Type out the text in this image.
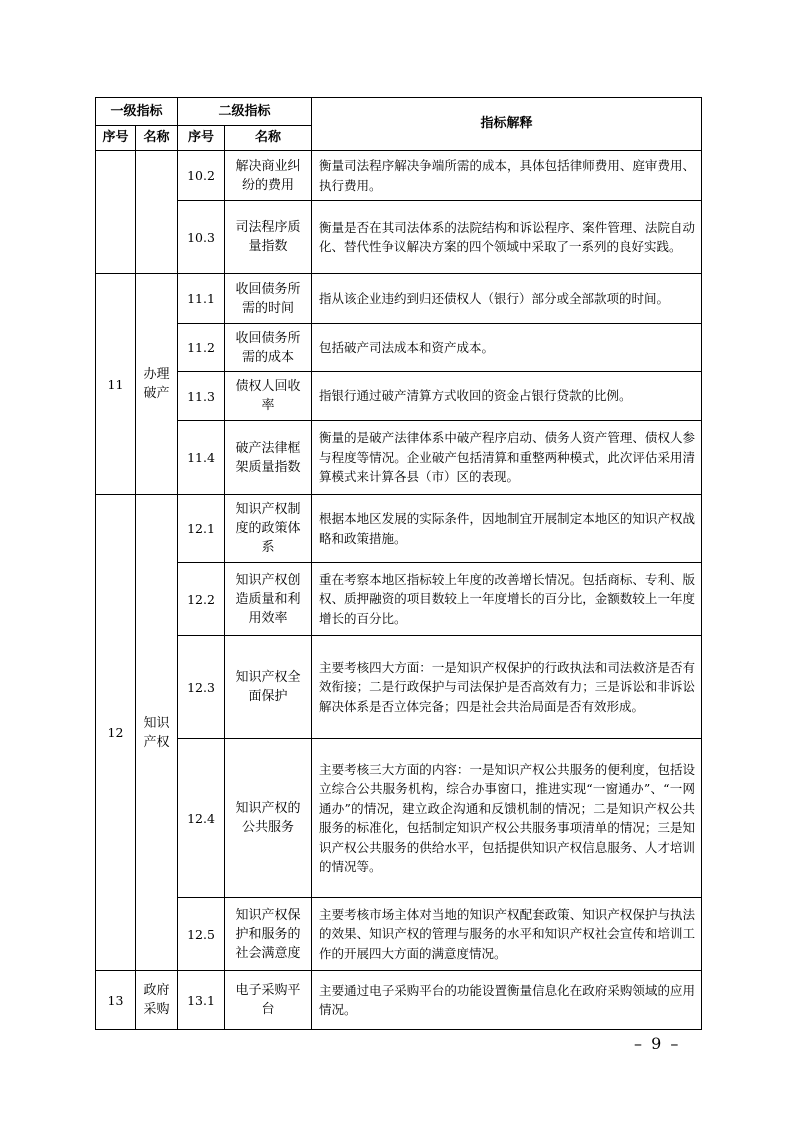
一级指标		二级指标		指标解释
序号	名称	序号	名称	
		10.2	解决商业纠纷的费用	衡量司法程序解决争端所需的成本，具体包括律师费用、庭审费用、执行费用。
		10.3	司法程序质量指数	衡量是否在其司法体系的法院结构和诉讼程序、案件管理、法院自动化、替代性争议解决方案的四个领域中采取了一系列的良好实践。
11	办理破产	11.1	收回债务所需的时间	指从该企业违约到归还债权人（银行）部分或全部款项的时间。
		11.2	收回债务所需的成本	包括破产司法成本和资产成本。
		11.3	债权人回收率	指银行通过破产清算方式收回的资金占银行贷款的比例。
		11.4	破产法律框架质量指数	衡量的是破产法律体系中破产程序启动、债务人资产管理、债权人参与程度等情况。企业破产包括清算和重整两种模式，此次评估采用清算模式来计算各县（市）区的表现。
12	知识产权	12.1	知识产权制度的政策体系	根据本地区发展的实际条件，因地制宜开展制定本地区的知识产权战略和政策措施。
		12.2	知识产权创造质量和利用效率	重在考察本地区指标较上年度的改善增长情况。包括商标、专利、版权、质押融资的项目数较上一年度增长的百分比，金额数较上一年度增长的百分比。
		12.3	知识产权全面保护	主要考核四大方面：一是知识产权保护的行政执法和司法救济是否有效衔接；二是行政保护与司法保护是否高效有力；三是诉讼和非诉讼解决体系是否立体完备；四是社会共治局面是否有效形成。
		12.4	知识产权的公共服务	主要考核三大方面的内容：一是知识产权公共服务的便利度，包括设立综合公共服务机构，综合办事窗口，推进实现“一窗通办”、“一网通办”的情况，建立政企沟通和反馈机制的情况；二是知识产权公共服务的标准化，包括制定知识产权公共服务事项清单的情况；三是知识产权公共服务的供给水平，包括提供知识产权信息服务、人才培训的情况等。
		12.5	知识产权保护和服务的社会满意度	主要考核市场主体对当地的知识产权配套政策、知识产权保护与执法的效果、知识产权的管理与服务的水平和知识产权社会宣传和培训工作的开展四大方面的满意度情况。
13	政府采购	13.1	电子采购平台	主要通过电子采购平台的功能设置衡量信息化在政府采购领域的应用情况。
– 9 –
